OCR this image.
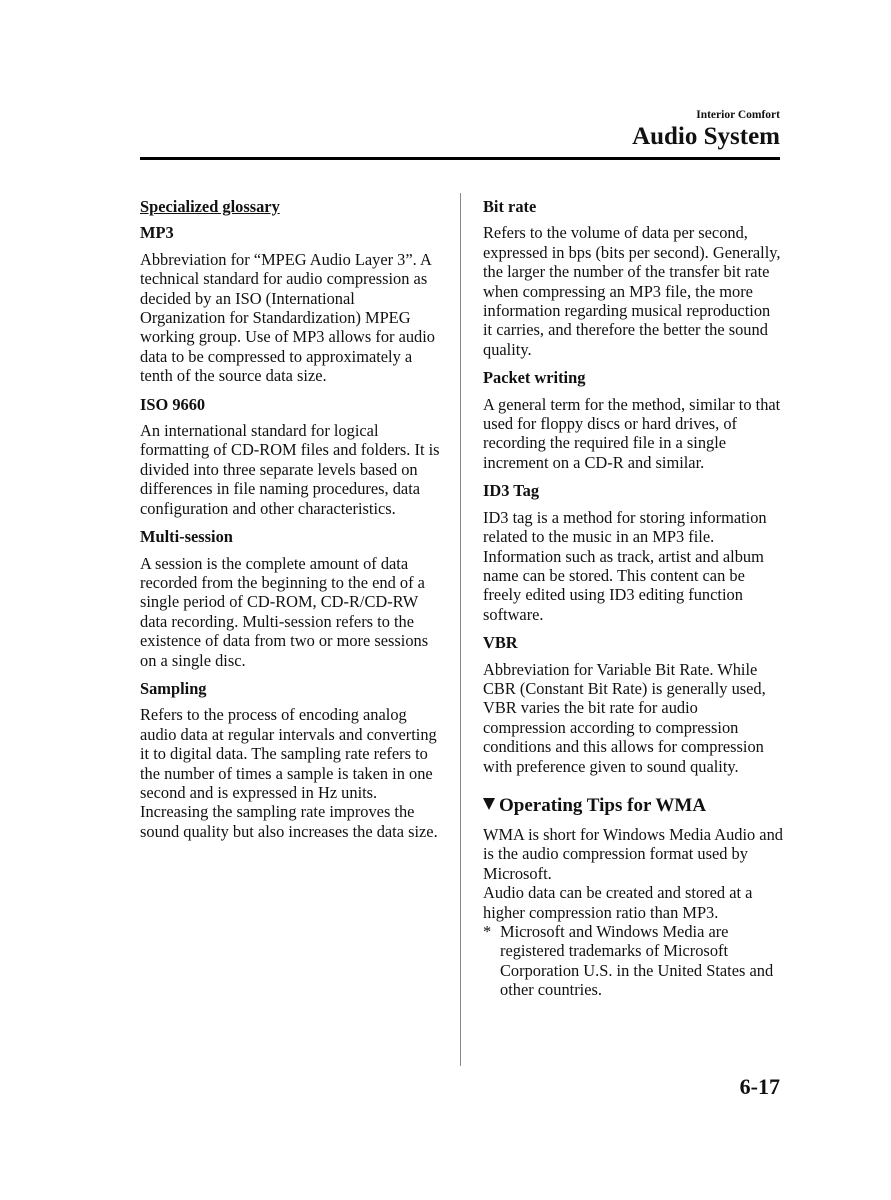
Interior Comfort
Audio System
Specialized glossary
MP3
Abbreviation for “MPEG Audio Layer 3”. A technical standard for audio compression as decided by an ISO (International Organization for Standardization) MPEG working group. Use of MP3 allows for audio data to be compressed to approximately a tenth of the source data size.
ISO 9660
An international standard for logical formatting of CD-ROM files and folders. It is divided into three separate levels based on differences in file naming procedures, data configuration and other characteristics.
Multi-session
A session is the complete amount of data recorded from the beginning to the end of a single period of CD-ROM, CD-R/CD-RW data recording. Multi-session refers to the existence of data from two or more sessions on a single disc.
Sampling
Refers to the process of encoding analog audio data at regular intervals and converting it to digital data. The sampling rate refers to the number of times a sample is taken in one second and is expressed in Hz units. Increasing the sampling rate improves the sound quality but also increases the data size.
Bit rate
Refers to the volume of data per second, expressed in bps (bits per second). Generally, the larger the number of the transfer bit rate when compressing an MP3 file, the more information regarding musical reproduction it carries, and therefore the better the sound quality.
Packet writing
A general term for the method, similar to that used for floppy discs or hard drives, of recording the required file in a single increment on a CD-R and similar.
ID3 Tag
ID3 tag is a method for storing information related to the music in an MP3 file. Information such as track, artist and album name can be stored. This content can be freely edited using ID3 editing function software.
VBR
Abbreviation for Variable Bit Rate. While CBR (Constant Bit Rate) is generally used, VBR varies the bit rate for audio compression according to compression conditions and this allows for compression with preference given to sound quality.
Operating Tips for WMA
WMA is short for Windows Media Audio and is the audio compression format used by Microsoft.
Audio data can be created and stored at a higher compression ratio than MP3.
* Microsoft and Windows Media are registered trademarks of Microsoft Corporation U.S. in the United States and other countries.
6-17
